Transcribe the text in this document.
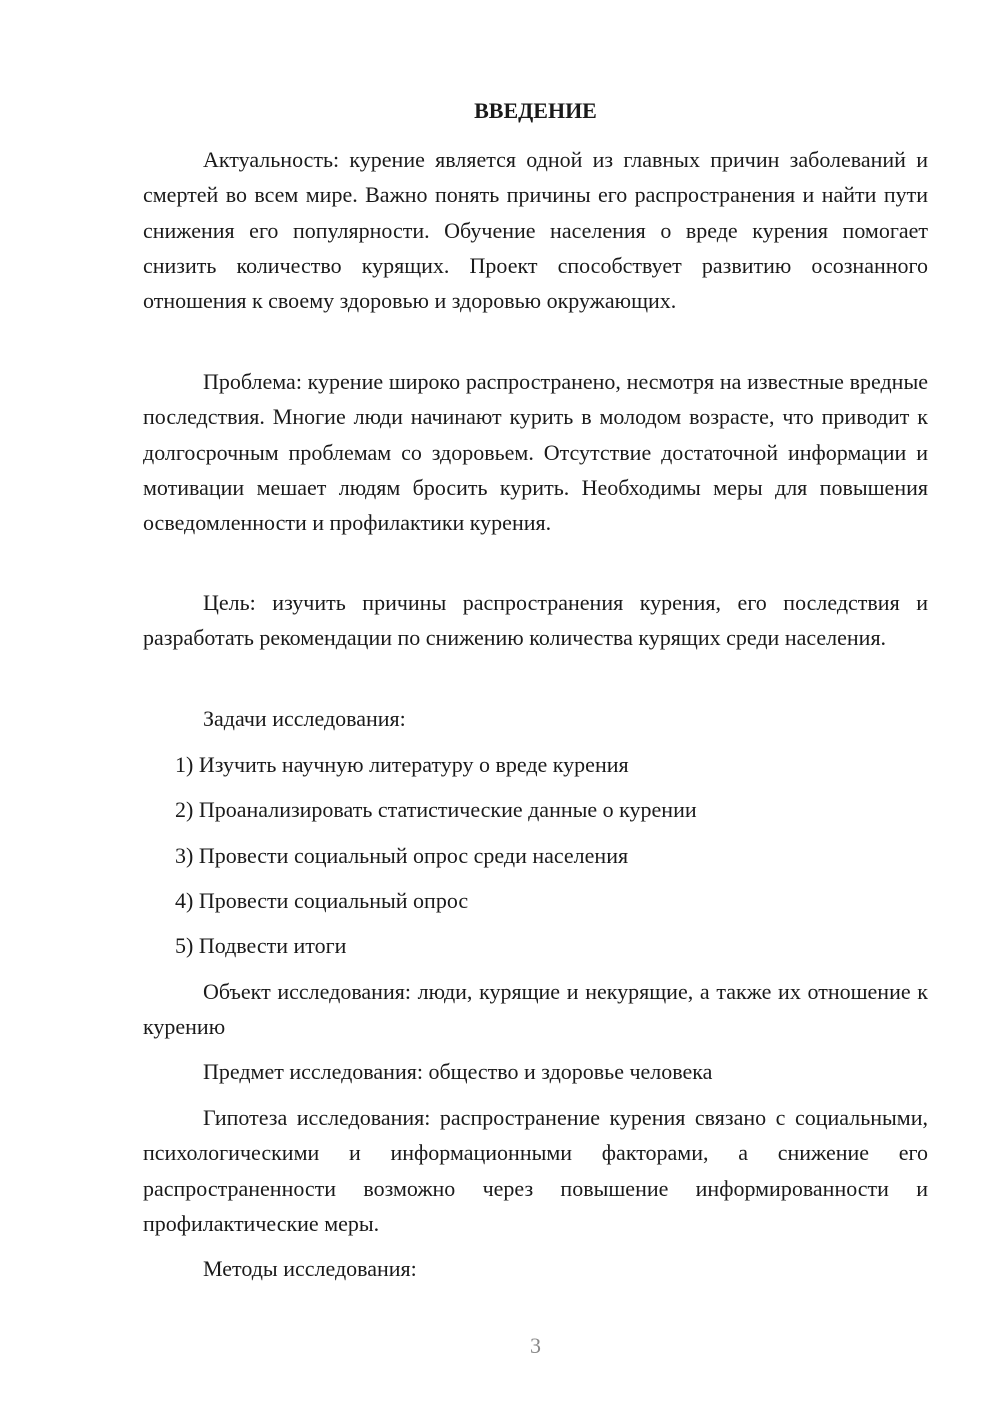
ВВЕДЕНИЕ
Актуальность: курение является одной из главных причин заболеваний и смертей во всем мире. Важно понять причины его распространения и найти пути снижения его популярности. Обучение населения о вреде курения помогает снизить количество курящих. Проект способствует развитию осознанного отношения к своему здоровью и здоровью окружающих.
Проблема: курение широко распространено, несмотря на известные вредные последствия. Многие люди начинают курить в молодом возрасте, что приводит к долгосрочным проблемам со здоровьем. Отсутствие достаточной информации и мотивации мешает людям бросить курить. Необходимы меры для повышения осведомленности и профилактики курения.
Цель: изучить причины распространения курения, его последствия и разработать рекомендации по снижению количества курящих среди населения.
Задачи исследования:
1) Изучить научную литературу о вреде курения
2) Проанализировать статистические данные о курении
3) Провести социальный опрос среди населения
4) Провести социальный опрос
5) Подвести итоги
Объект исследования: люди, курящие и некурящие, а также их отношение к курению
Предмет исследования: общество и здоровье человека
Гипотеза исследования: распространение курения связано с социальными, психологическими и информационными факторами, а снижение его распространенности возможно через повышение информированности и профилактические меры.
Методы исследования:
3
